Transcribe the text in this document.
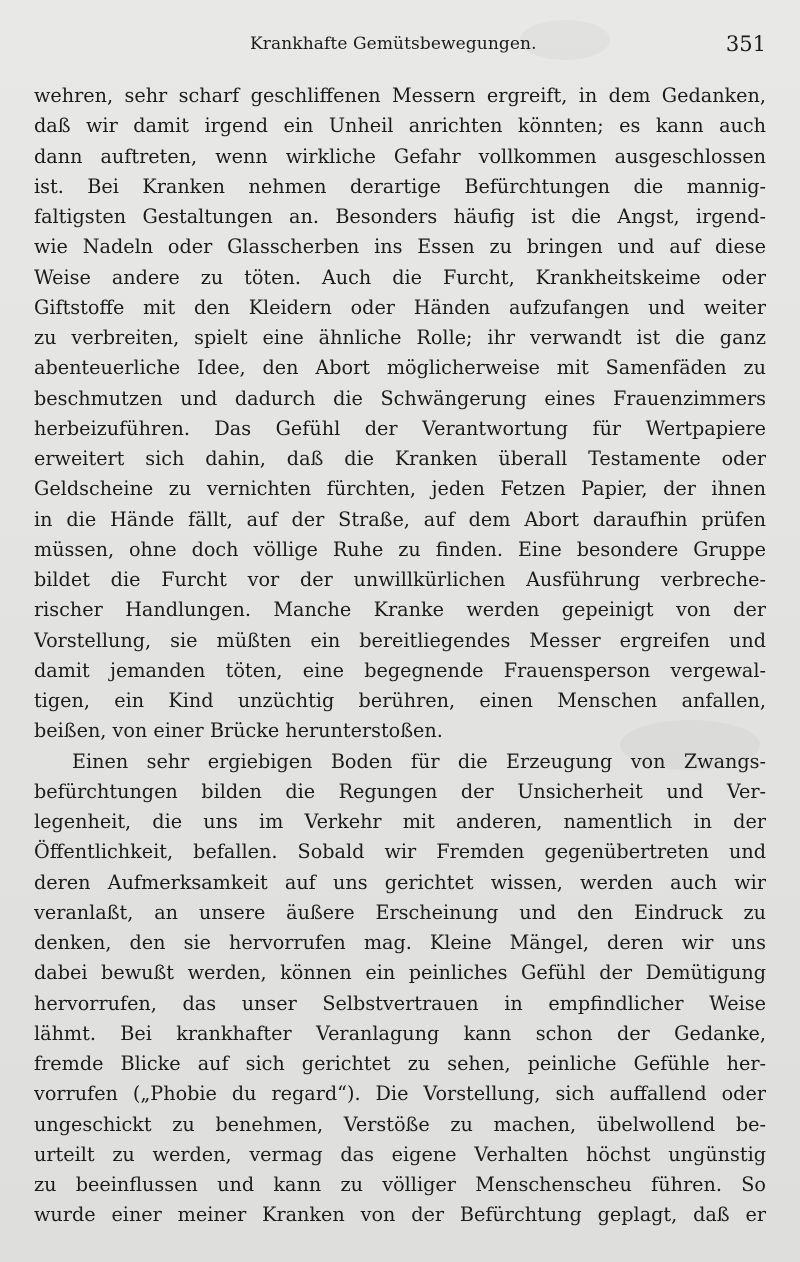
Krankhafte Gemütsbewegungen.	351
wehren, sehr scharf geschliffenen Messern ergreift, in dem Gedanken,
daß wir damit irgend ein Unheil anrichten könnten; es kann auch
dann auftreten, wenn wirkliche Gefahr vollkommen ausgeschlossen
ist. Bei Kranken nehmen derartige Befürchtungen die mannig-
faltigsten Gestaltungen an. Besonders häufig ist die Angst, irgend-
wie Nadeln oder Glasscherben ins Essen zu bringen und auf diese
Weise andere zu töten. Auch die Furcht, Krankheitskeime oder
Giftstoffe mit den Kleidern oder Händen aufzufangen und weiter
zu verbreiten, spielt eine ähnliche Rolle; ihr verwandt ist die ganz
abenteuerliche Idee, den Abort möglicherweise mit Samenfäden zu
beschmutzen und dadurch die Schwängerung eines Frauenzimmers
herbeizuführen. Das Gefühl der Verantwortung für Wertpapiere
erweitert sich dahin, daß die Kranken überall Testamente oder
Geldscheine zu vernichten fürchten, jeden Fetzen Papier, der ihnen
in die Hände fällt, auf der Straße, auf dem Abort daraufhin prüfen
müssen, ohne doch völlige Ruhe zu finden. Eine besondere Gruppe
bildet die Furcht vor der unwillkürlichen Ausführung verbreche-
rischer Handlungen. Manche Kranke werden gepeinigt von der
Vorstellung, sie müßten ein bereitliegendes Messer ergreifen und
damit jemanden töten, eine begegnende Frauensperson vergewal-
tigen, ein Kind unzüchtig berühren, einen Menschen anfallen,
beißen, von einer Brücke herunterstoßen.
Einen sehr ergiebigen Boden für die Erzeugung von Zwangs-
befürchtungen bilden die Regungen der Unsicherheit und Ver-
legenheit, die uns im Verkehr mit anderen, namentlich in der
Öffentlichkeit, befallen. Sobald wir Fremden gegenübertreten und
deren Aufmerksamkeit auf uns gerichtet wissen, werden auch wir
veranlaßt, an unsere äußere Erscheinung und den Eindruck zu
denken, den sie hervorrufen mag. Kleine Mängel, deren wir uns
dabei bewußt werden, können ein peinliches Gefühl der Demütigung
hervorrufen, das unser Selbstvertrauen in empfindlicher Weise
lähmt. Bei krankhafter Veranlagung kann schon der Gedanke,
fremde Blicke auf sich gerichtet zu sehen, peinliche Gefühle her-
vorrufen („Phobie du regard“). Die Vorstellung, sich auffallend oder
ungeschickt zu benehmen, Verstöße zu machen, übelwollend be-
urteilt zu werden, vermag das eigene Verhalten höchst ungünstig
zu beeinflussen und kann zu völliger Menschenscheu führen. So
wurde einer meiner Kranken von der Befürchtung geplagt, daß er
